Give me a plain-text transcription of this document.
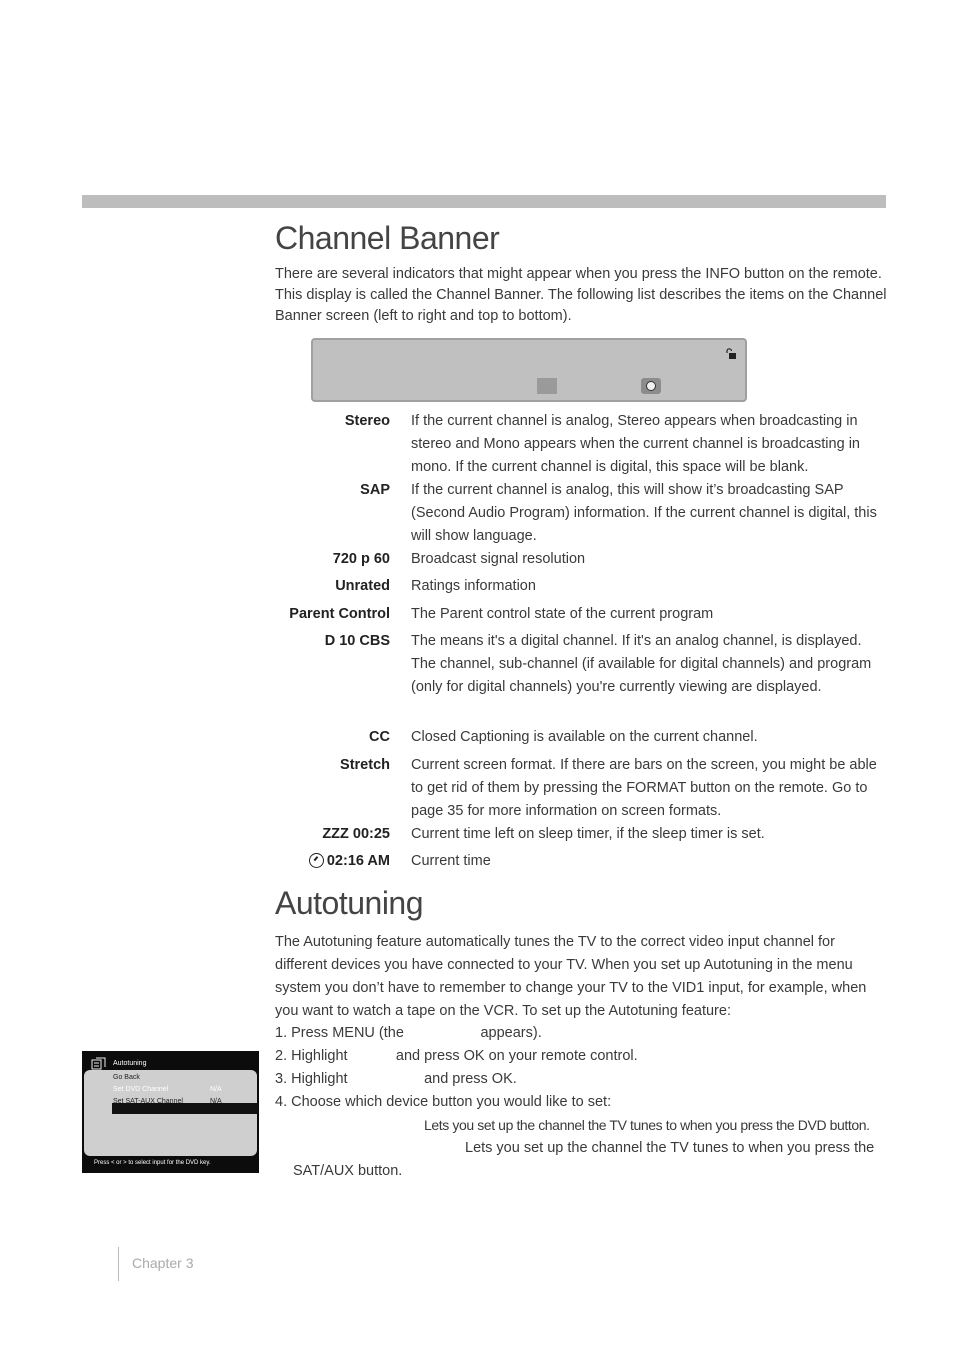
Channel Banner

There are several indicators that might appear when you press the INFO button on the remote. This display is called the Channel Banner. The following list describes the items on the Channel Banner screen (left to right and top to bottom).

Stereo If the current channel is analog, Stereo appears when broadcasting in stereo and Mono appears when the current channel is broadcasting in mono. If the current channel is digital, this space will be blank.
SAP If the current channel is analog, this will show it’s broadcasting SAP (Second Audio Program) information. If the current channel is digital, this will show language.
720 p 60 Broadcast signal resolution
Unrated Ratings information
Parent Control The Parent control state of the current program
D 10 CBS The means it's a digital channel. If it's an analog channel, is displayed. The channel, sub-channel (if available for digital channels) and program (only for digital channels) you're currently viewing are displayed.
CC Closed Captioning is available on the current channel.
Stretch Current screen format. If there are bars on the screen, you might be able to get rid of them by pressing the FORMAT button on the remote. Go to page 35 for more information on screen formats.
ZZZ 00:25 Current time left on sleep timer, if the sleep timer is set.
02:16 AM Current time
Autotuning

The Autotuning feature automatically tunes the TV to the correct video input channel for different devices you have connected to your TV. When you set up Autotuning in the menu system you don’t have to remember to change your TV to the VID1 input, for example, when you want to watch a tape on the VCR. To set up the Autotuning feature:

1. Press MENU (the                   appears).
2. Highlight            and press OK on your remote control.
3. Highlight                   and press OK.
4. Choose which device button you would like to set:
Lets you set up the channel the TV tunes to when you press the DVD button.
Lets you set up the channel the TV tunes to when you press the
SAT/AUX button.
Autotuning
Go Back
Set DVD Channel	N/A
Set SAT-AUX Channel	N/A
Press < or > to select input for the DVD key.
Chapter 3
